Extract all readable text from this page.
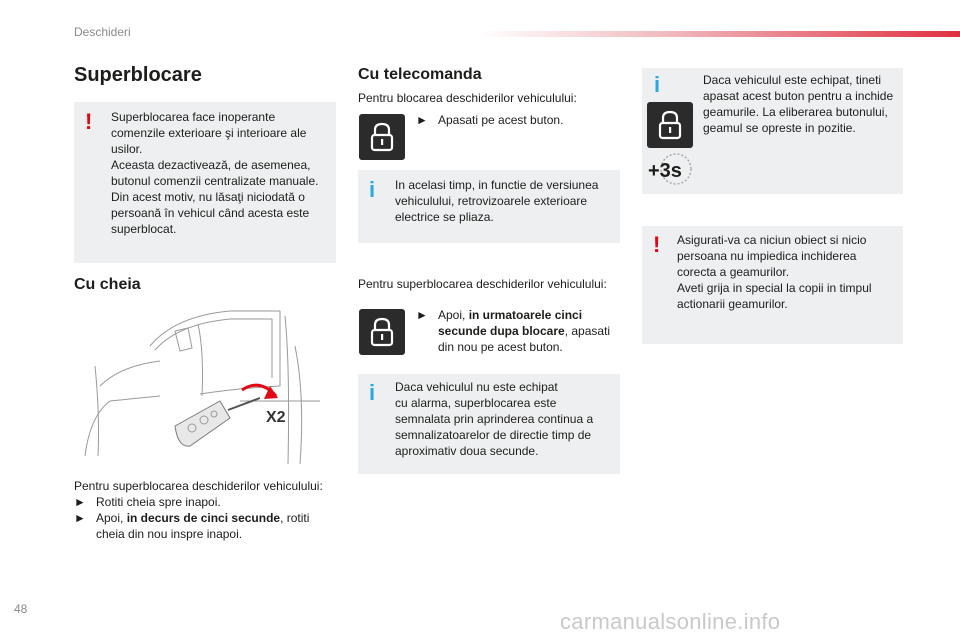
Deschideri
Superblocare
! Superblocarea face inoperante
comenzile exterioare şi interioare ale
usilor.
Aceasta dezactivează, de asemenea,
butonul comenzii centralizate manuale.
Din acest motiv, nu lăsaţi niciodată o
persoană în vehicul când acesta este
superblocat.
Cu cheia
X2
Pentru superblocarea deschiderilor vehiculului:
► Rotiti cheia spre inapoi.
► Apoi, in decurs de cinci secunde, rotiti
cheia din nou inspre inapoi.
Cu telecomanda
Pentru blocarea deschiderilor vehiculului:
► Apasati pe acest buton.
i In acelasi timp, in functie de versiunea
vehiculului, retrovizoarele exterioare
electrice se pliaza.
Pentru superblocarea deschiderilor vehiculului:
► Apoi, in urmatoarele cinci
secunde dupa blocare, apasati
din nou pe acest buton.
i Daca vehiculul nu este echipat
cu alarma, superblocarea este
semnalata prin aprinderea continua a
semnalizatoarelor de directie timp de
aproximativ doua secunde.
i
+3s
Daca vehiculul este echipat, tineti
apasat acest buton pentru a inchide
geamurile. La eliberarea butonului,
geamul se opreste in pozitie.
! Asigurati-va ca niciun obiect si nicio
persoana nu impiedica inchiderea
corecta a geamurilor.
Aveti grija in special la copii in timpul
actionarii geamurilor.
48	carmanualsonline.info
